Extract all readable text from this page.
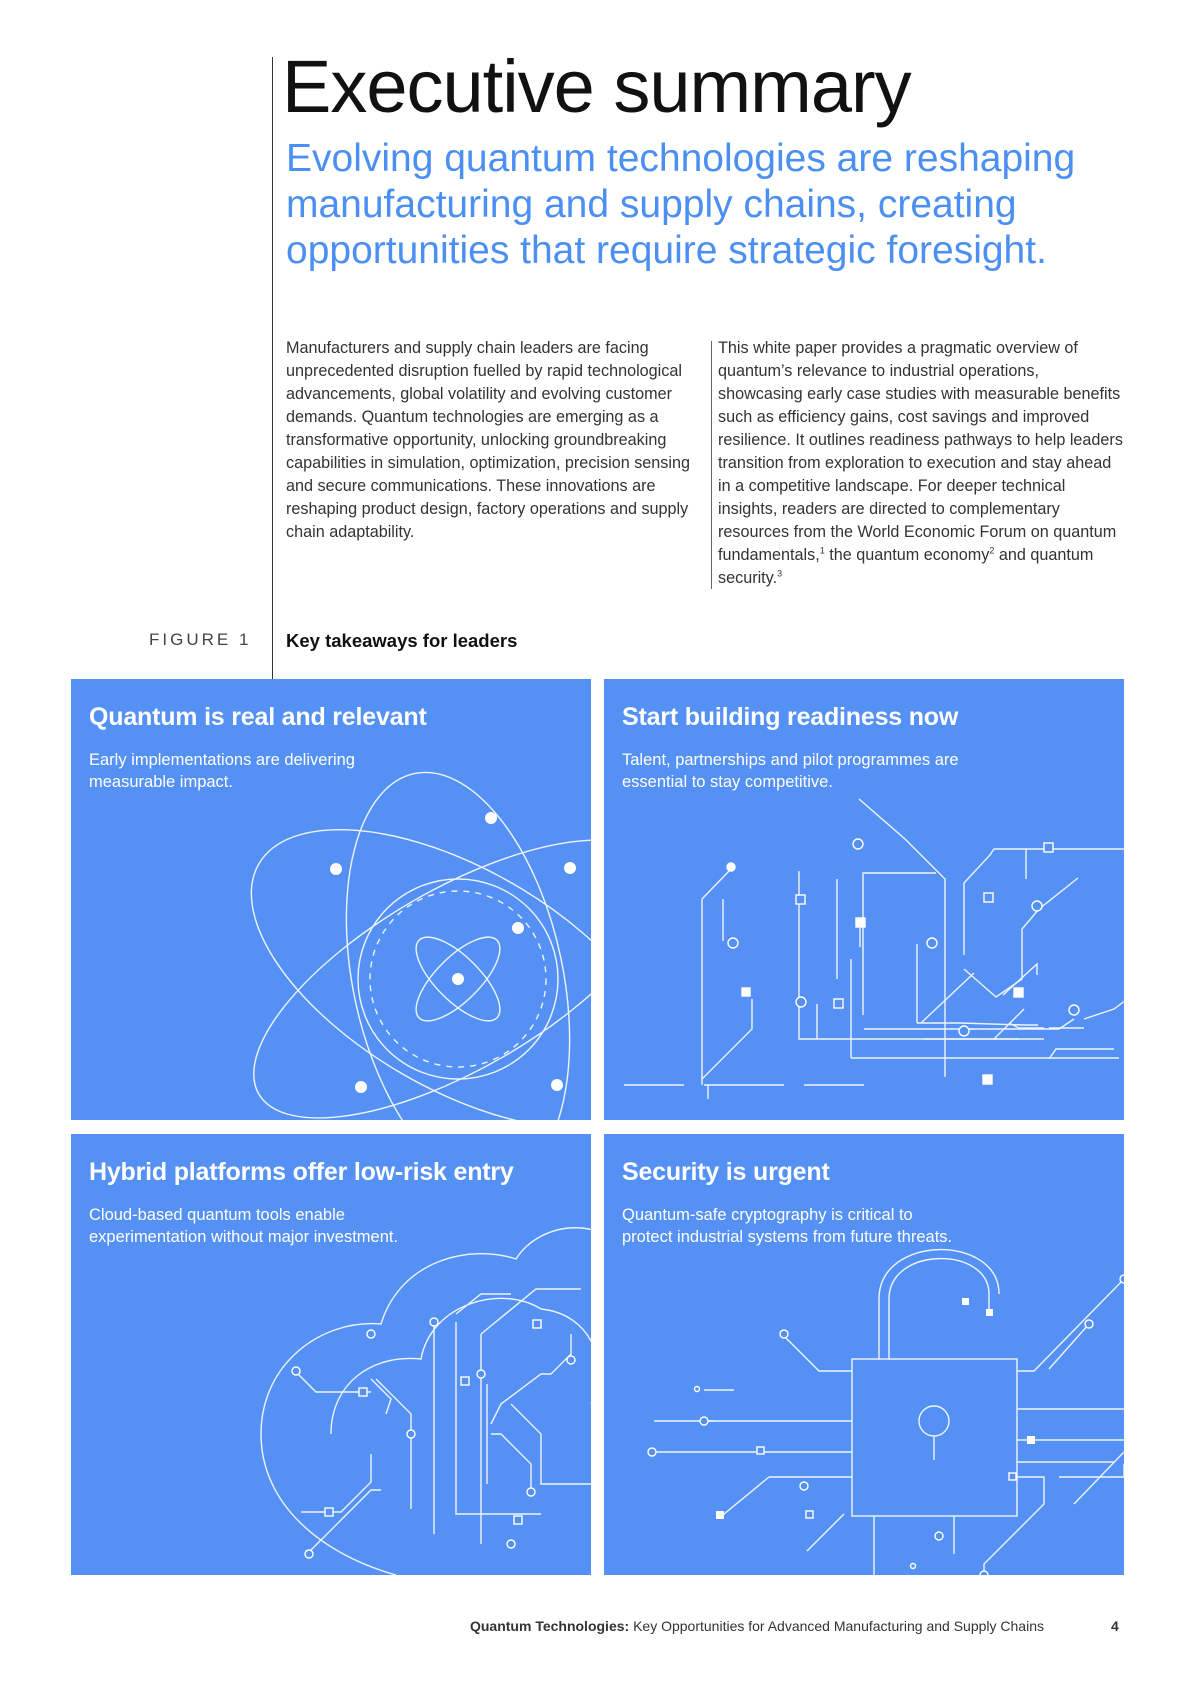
Executive summary

Evolving quantum technologies are reshaping manufacturing and supply chains, creating opportunities that require strategic foresight.

Manufacturers and supply chain leaders are facing unprecedented disruption fuelled by rapid technological advancements, global volatility and evolving customer demands. Quantum technologies are emerging as a transformative opportunity, unlocking groundbreaking capabilities in simulation, optimization, precision sensing and secure communications. These innovations are reshaping product design, factory operations and supply chain adaptability.

This white paper provides a pragmatic overview of quantum’s relevance to industrial operations, showcasing early case studies with measurable benefits such as efficiency gains, cost savings and improved resilience. It outlines readiness pathways to help leaders transition from exploration to execution and stay ahead in a competitive landscape. For deeper technical insights, readers are directed to complementary resources from the World Economic Forum on quantum fundamentals,$^1$ the quantum economy$^2$ and quantum security.$^3$

FIGURE 1 Key takeaways for leaders
Quantum is real and relevant

Early implementations are delivering measurable impact.

Start building readiness now

Talent, partnerships and pilot programmes are essential to stay competitive.

Hybrid platforms offer low-risk entry

Cloud-based quantum tools enable experimentation without major investment.

Security is urgent

Quantum-safe cryptography is critical to protect industrial systems from future threats.

Quantum Technologies: Key Opportunities for Advanced Manufacturing and Supply Chains	4
